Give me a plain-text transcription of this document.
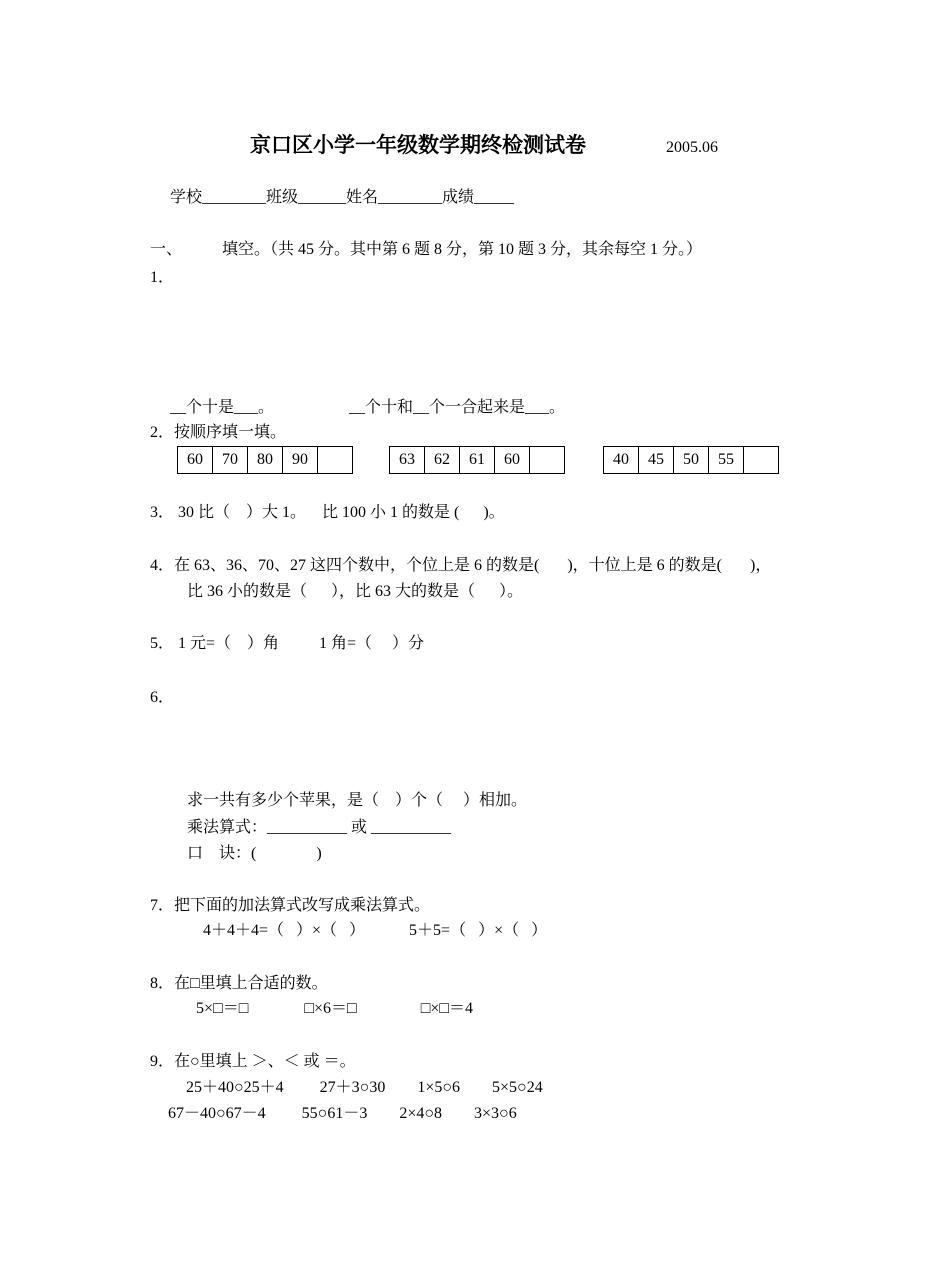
京口区小学一年级数学期终检测试卷	2005.06
学校________班级______姓名________成绩_____
一、 填空。（共 45 分。其中第 6 题 8 分，第 10 题 3 分，其余每空 1 分。）
1．
__个十是___。	__个十和__个一合起来是___。
2．按顺序填一填。
60	70	80	90		63	62	61	60		40	45	50	55	
3． 30 比（    ）大 1。    比 100 小 1 的数是 (      )。
4．在 63、36、70、27 这四个数中，个位上是 6 的数是(       )，十位上是 6 的数是(       )，
比 36 小的数是（      ），比 63 大的数是（      ）。
5． 1 元=（    ）角          1 角=（     ）分
6．
求一共有多少个苹果，是（    ）个（     ）相加。
乘法算式：__________ 或 __________
口    诀：(               )
7．把下面的加法算式改写成乘法算式。
4＋4＋4=（   ）×（   ）           5＋5=（   ）×（   ）
8．在□里填上合适的数。
5×□＝□              □×6＝□                □×□＝4
9．在○里填上 ＞、＜ 或 ＝。
25＋40○25＋4         27＋3○30        1×5○6        5×5○24
67－40○67－4         55○61－3        2×4○8        3×3○6
